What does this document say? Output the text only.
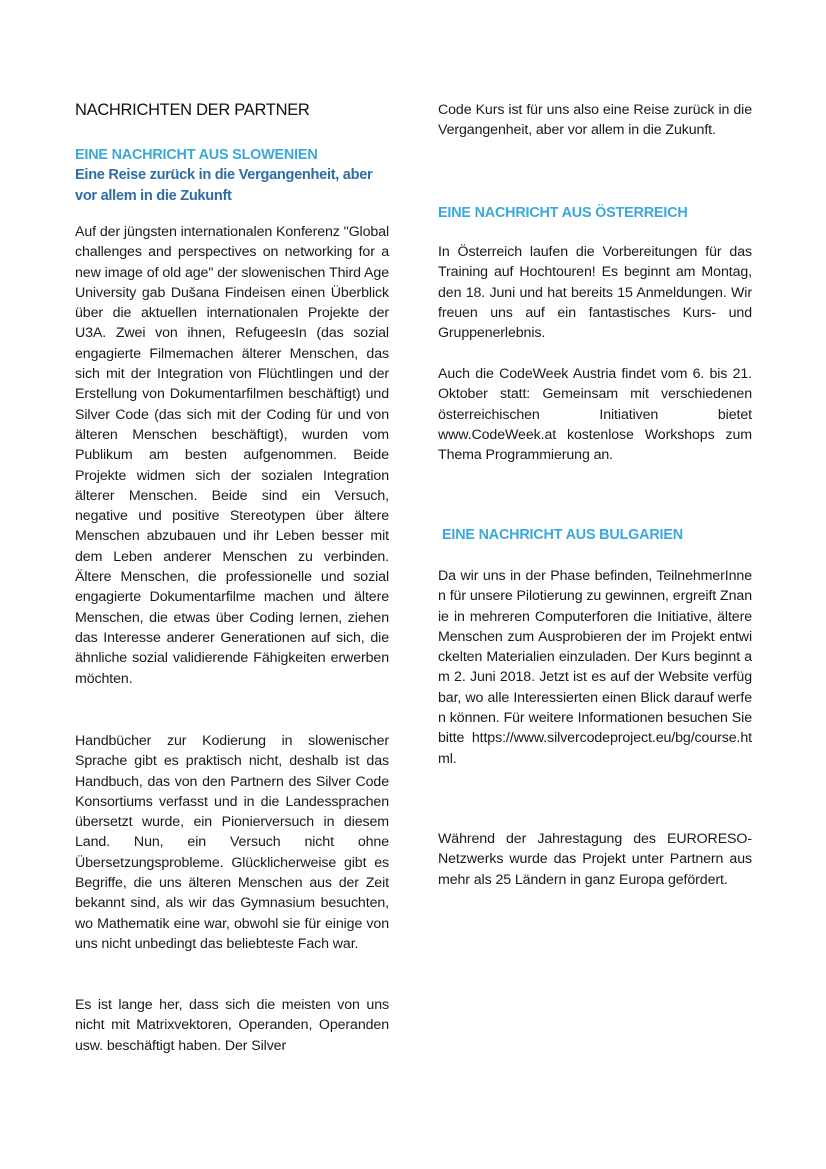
NACHRICHTEN DER PARTNER
EINE NACHRICHT AUS SLOWENIEN
Eine Reise zurück in die Vergangenheit, aber vor allem in die Zukunft

Auf der jüngsten internationalen Konferenz "Global challenges and perspectives on networking for a new image of old age" der slowenischen Third Age University gab Dušana Findeisen einen Überblick über die aktuellen internationalen Projekte der U3A. Zwei von ihnen, RefugeesIn (das sozial engagierte Filmemachen älterer Menschen, das sich mit der Integration von Flüchtlingen und der Erstellung von Dokumentarfilmen beschäftigt) und Silver Code (das sich mit der Coding für und von älteren Menschen beschäftigt), wurden vom Publikum am besten aufgenommen. Beide Projekte widmen sich der sozialen Integration älterer Menschen. Beide sind ein Versuch, negative und positive Stereotypen über ältere Menschen abzubauen und ihr Leben besser mit dem Leben anderer Menschen zu verbinden. Ältere Menschen, die professionelle und sozial engagierte Dokumentarfilme machen und ältere Menschen, die etwas über Coding lernen, ziehen das Interesse anderer Generationen auf sich, die ähnliche sozial validierende Fähigkeiten erwerben möchten.

Handbücher zur Kodierung in slowenischer Sprache gibt es praktisch nicht, deshalb ist das Handbuch, das von den Partnern des Silver Code Konsortiums verfasst und in die Landessprachen übersetzt wurde, ein Pionierversuch in diesem Land. Nun, ein Versuch nicht ohne Übersetzungsprobleme. Glücklicherweise gibt es Begriffe, die uns älteren Menschen aus der Zeit bekannt sind, als wir das Gymnasium besuchten, wo Mathematik eine war, obwohl sie für einige von uns nicht unbedingt das beliebteste Fach war.

Es ist lange her, dass sich die meisten von uns nicht mit Matrixvektoren, Operanden, Operanden usw. beschäftigt haben. Der Silver

Code Kurs ist für uns also eine Reise zurück in die Vergangenheit, aber vor allem in die Zukunft.

EINE NACHRICHT AUS ÖSTERREICH

In Österreich laufen die Vorbereitungen für das Training auf Hochtouren! Es beginnt am Montag, den 18. Juni und hat bereits 15 Anmeldungen. Wir freuen uns auf ein fantastisches Kurs- und Gruppenerlebnis.

Auch die CodeWeek Austria findet vom 6. bis 21. Oktober statt: Gemeinsam mit verschiedenen österreichischen Initiativen bietet www.CodeWeek.at kostenlose Workshops zum Thema Programmierung an.

EINE NACHRICHT AUS BULGARIEN

Da wir uns in der Phase befinden, TeilnehmerInnen für unsere Pilotierung zu gewinnen, ergreift Znanie in mehreren Computerforen die Initiative, ältere Menschen zum Ausprobieren der im Projekt entwickelten Materialien einzuladen. Der Kurs beginnt am 2. Juni 2018. Jetzt ist es auf der Website verfügbar, wo alle Interessierten einen Blick darauf werfen können. Für weitere Informationen besuchen Sie bitte https://www.silvercodeproject.eu/bg/course.html.

Während der Jahrestagung des EURORESO-Netzwerks wurde das Projekt unter Partnern aus mehr als 25 Ländern in ganz Europa gefördert.
